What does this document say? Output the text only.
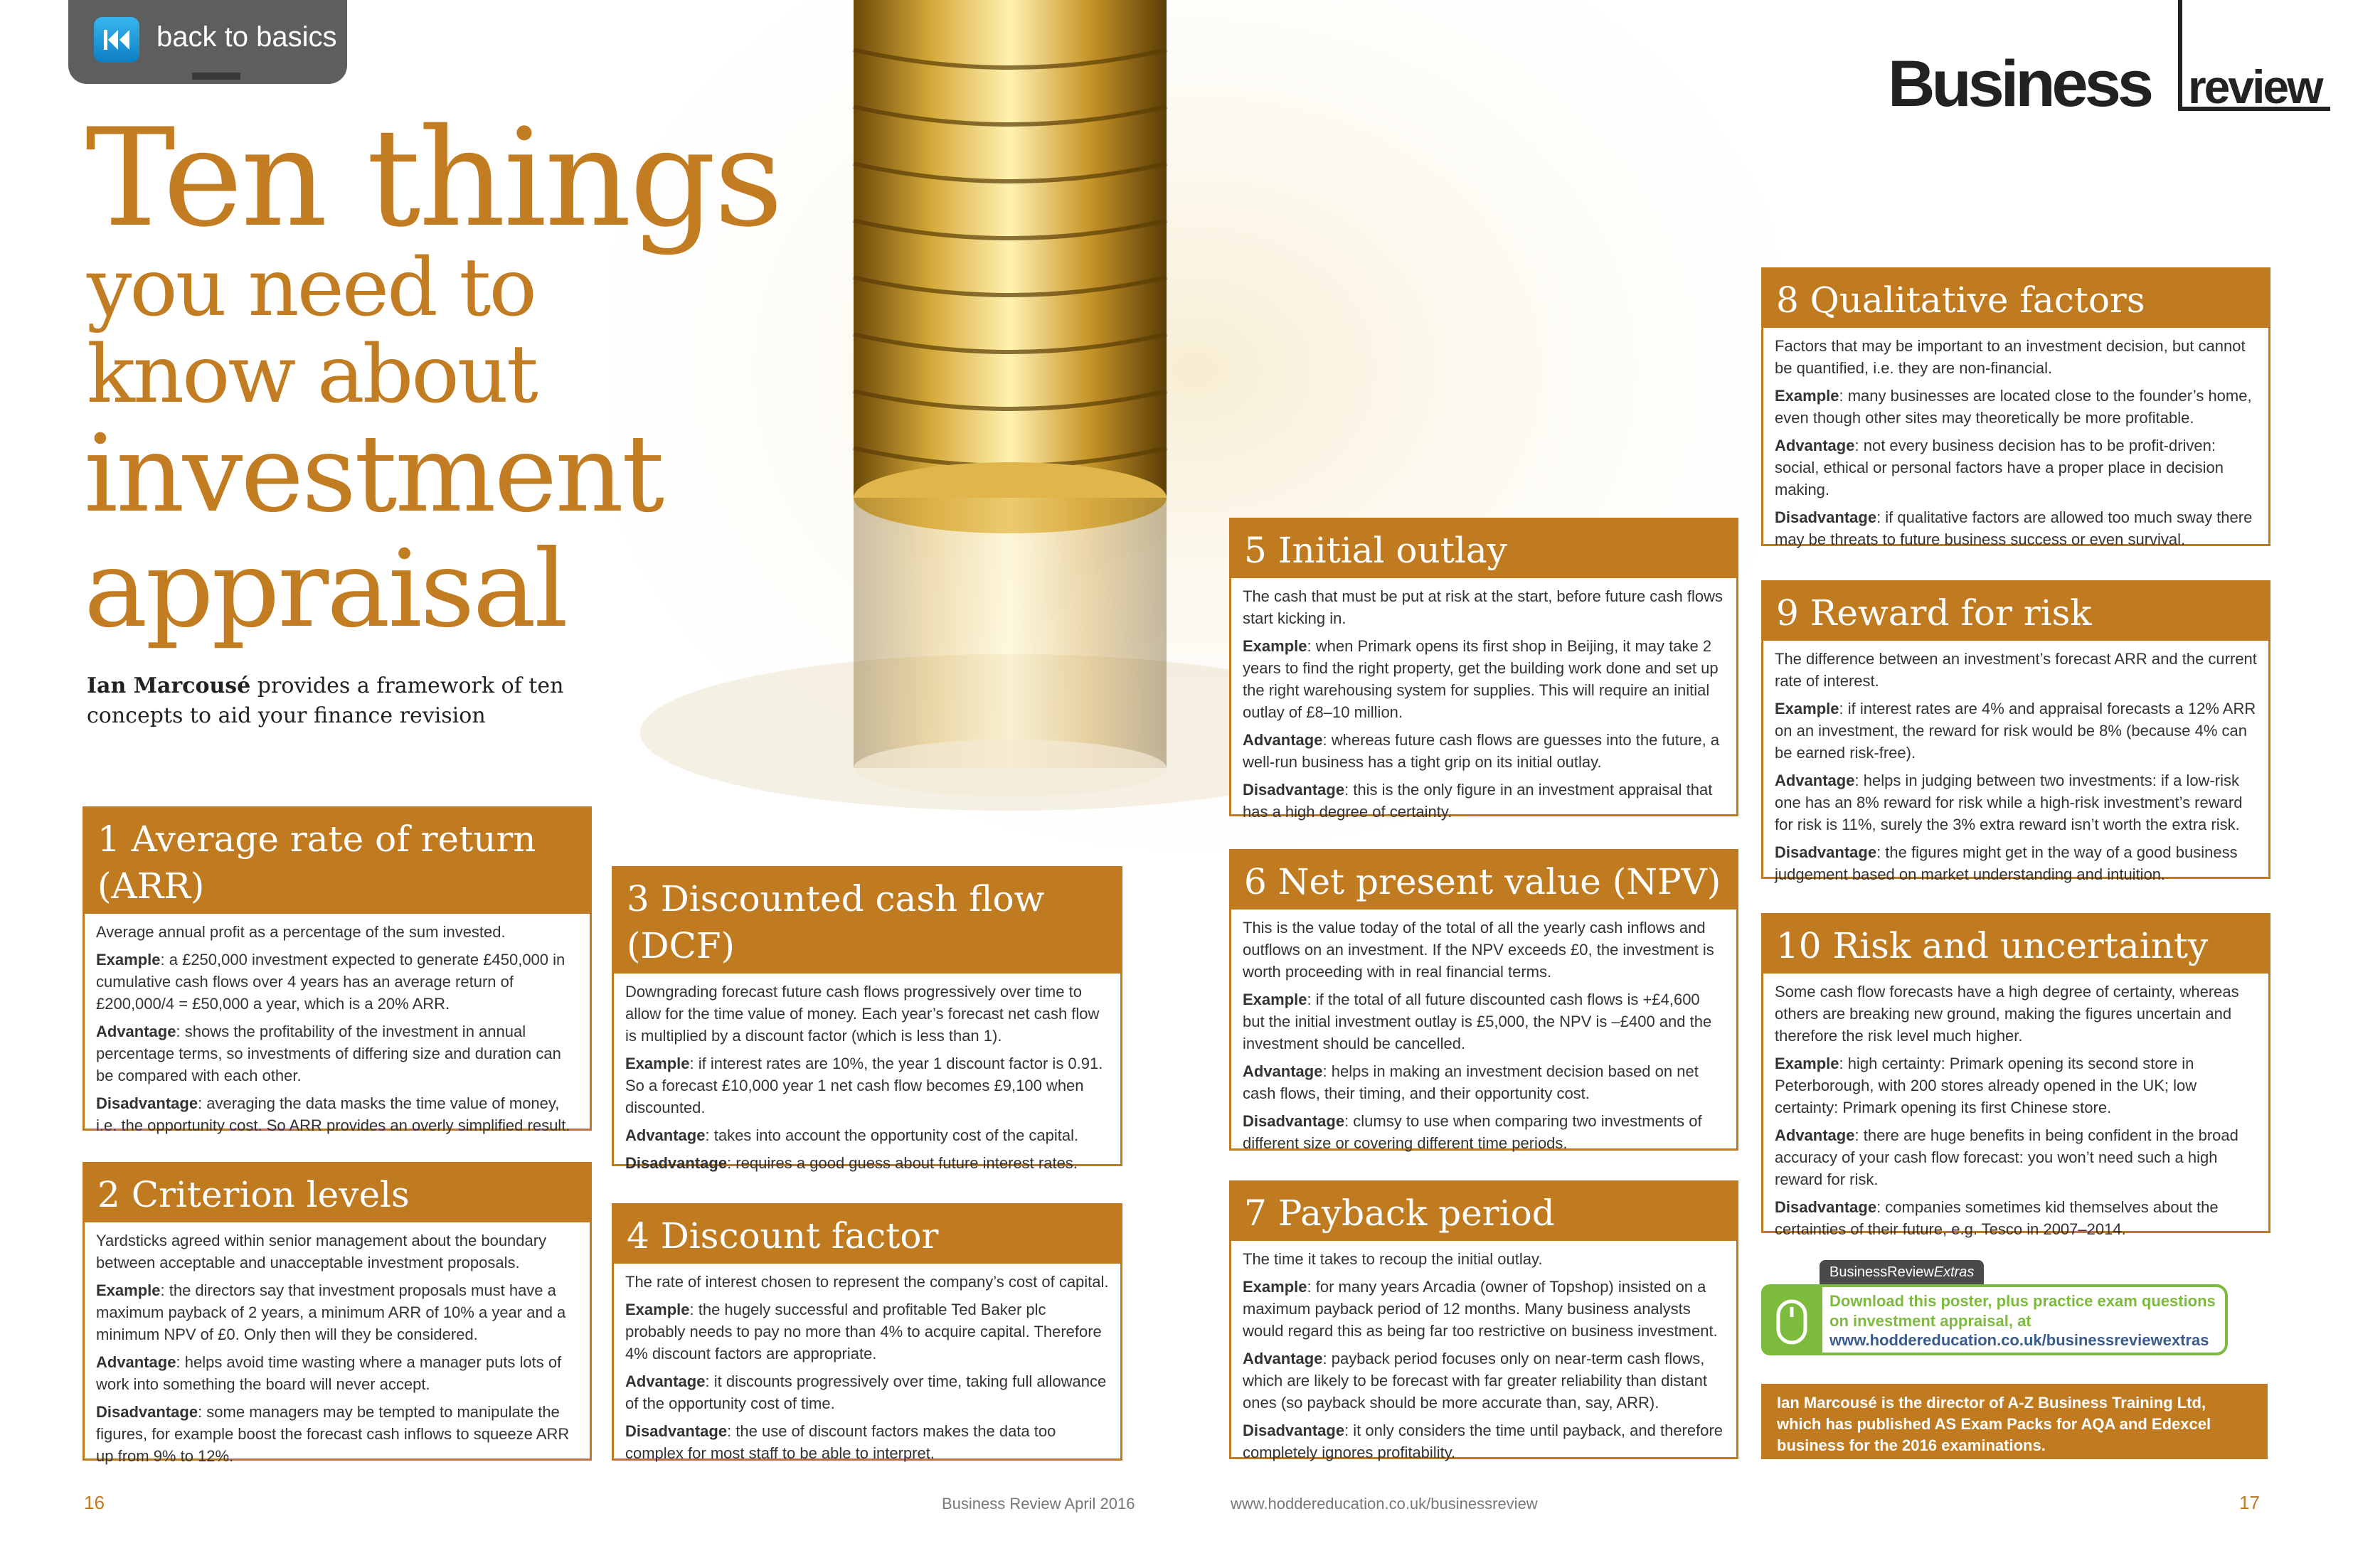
back to basics
Business review
Ten things
you need to
know about
investment
appraisal
Ian Marcousé provides a framework of ten concepts to aid your finance revision
1 Average rate of return (ARR)

Average annual profit as a percentage of the sum invested.

Example: a £250,000 investment expected to generate £450,000 in cumulative cash flows over 4 years has an average return of £200,000/4 = £50,000 a year, which is a 20% ARR.

Advantage: shows the profitability of the investment in annual percentage terms, so investments of differing size and duration can be compared with each other.

Disadvantage: averaging the data masks the time value of money, i.e. the opportunity cost. So ARR provides an overly simplified result.

2 Criterion levels

Yardsticks agreed within senior management about the boundary between acceptable and unacceptable investment proposals.

Example: the directors say that investment proposals must have a maximum payback of 2 years, a minimum ARR of 10% a year and a minimum NPV of £0. Only then will they be considered.

Advantage: helps avoid time wasting where a manager puts lots of work into something the board will never accept.

Disadvantage: some managers may be tempted to manipulate the figures, for example boost the forecast cash inflows to squeeze ARR up from 9% to 12%.

3 Discounted cash flow (DCF)

Downgrading forecast future cash flows progressively over time to allow for the time value of money. Each year’s forecast net cash flow is multiplied by a discount factor (which is less than 1).

Example: if interest rates are 10%, the year 1 discount factor is 0.91. So a forecast £10,000 year 1 net cash flow becomes £9,100 when discounted.

Advantage: takes into account the opportunity cost of the capital.

Disadvantage: requires a good guess about future interest rates.

4 Discount factor

The rate of interest chosen to represent the company’s cost of capital.

Example: the hugely successful and profitable Ted Baker plc probably needs to pay no more than 4% to acquire capital. Therefore 4% discount factors are appropriate.

Advantage: it discounts progressively over time, taking full allowance of the opportunity cost of time.

Disadvantage: the use of discount factors makes the data too complex for most staff to be able to interpret.

5 Initial outlay

The cash that must be put at risk at the start, before future cash flows start kicking in.

Example: when Primark opens its first shop in Beijing, it may take 2 years to find the right property, get the building work done and set up the right warehousing system for supplies. This will require an initial outlay of £8–10 million.

Advantage: whereas future cash flows are guesses into the future, a well-run business has a tight grip on its initial outlay.

Disadvantage: this is the only figure in an investment appraisal that has a high degree of certainty.

6 Net present value (NPV)

This is the value today of the total of all the yearly cash inflows and outflows on an investment. If the NPV exceeds £0, the investment is worth proceeding with in real financial terms.

Example: if the total of all future discounted cash flows is +£4,600 but the initial investment outlay is £5,000, the NPV is –£400 and the investment should be cancelled.

Advantage: helps in making an investment decision based on net cash flows, their timing, and their opportunity cost.

Disadvantage: clumsy to use when comparing two investments of different size or covering different time periods.

7 Payback period

The time it takes to recoup the initial outlay.

Example: for many years Arcadia (owner of Topshop) insisted on a maximum payback period of 12 months. Many business analysts would regard this as being far too restrictive on business investment.

Advantage: payback period focuses only on near-term cash flows, which are likely to be forecast with far greater reliability than distant ones (so payback should be more accurate than, say, ARR).

Disadvantage: it only considers the time until payback, and therefore completely ignores profitability.

8 Qualitative factors

Factors that may be important to an investment decision, but cannot be quantified, i.e. they are non-financial.

Example: many businesses are located close to the founder’s home, even though other sites may theoretically be more profitable.

Advantage: not every business decision has to be profit-driven: social, ethical or personal factors have a proper place in decision making.

Disadvantage: if qualitative factors are allowed too much sway there may be threats to future business success or even survival.

9 Reward for risk

The difference between an investment’s forecast ARR and the current rate of interest.

Example: if interest rates are 4% and appraisal forecasts a 12% ARR on an investment, the reward for risk would be 8% (because 4% can be earned risk-free).

Advantage: helps in judging between two investments: if a low-risk one has an 8% reward for risk while a high-risk investment’s reward for risk is 11%, surely the 3% extra reward isn’t worth the extra risk.

Disadvantage: the figures might get in the way of a good business judgement based on market understanding and intuition.

10 Risk and uncertainty

Some cash flow forecasts have a high degree of certainty, whereas others are breaking new ground, making the figures uncertain and therefore the risk level much higher.

Example: high certainty: Primark opening its second store in Peterborough, with 200 stores already opened in the UK; low certainty: Primark opening its first Chinese store.

Advantage: there are huge benefits in being confident in the broad accuracy of your cash flow forecast: you won’t need such a high reward for risk.

Disadvantage: companies sometimes kid themselves about the certainties of their future, e.g. Tesco in 2007–2014.

BusinessReviewExtras
Download this poster, plus practice exam questions on investment appraisal, at
www.hoddereducation.co.uk/businessreviewextras
Ian Marcousé is the director of A-Z Business Training Ltd, which has published AS Exam Packs for AQA and Edexcel business for the 2016 examinations.
16	Business Review April 2016	www.hoddereducation.co.uk/businessreview	17
